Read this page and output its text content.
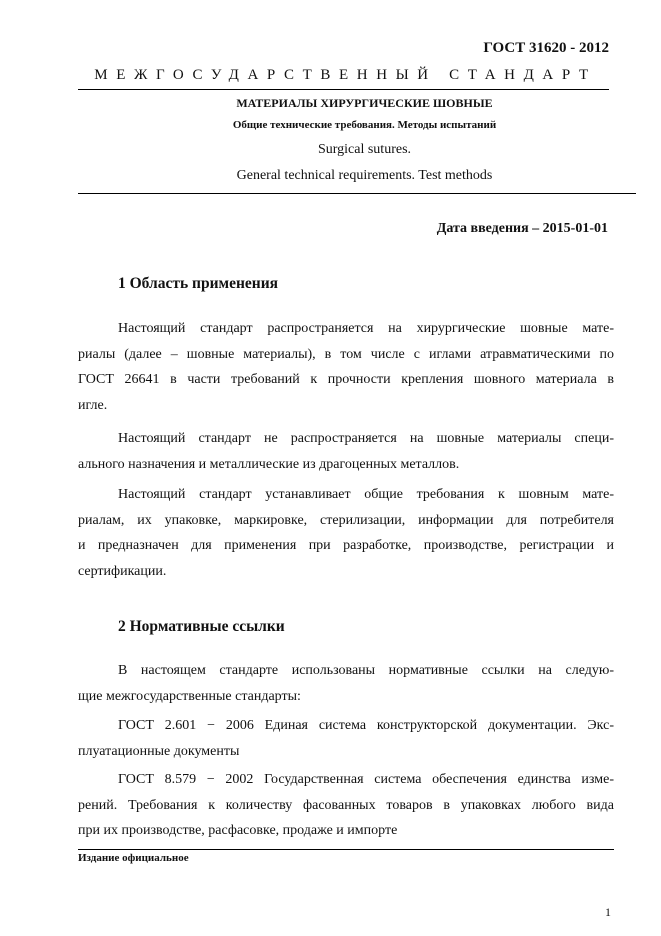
ГОСТ 31620 - 2012
МЕЖГОСУДАРСТВЕННЫЙ СТАНДАРТ
МАТЕРИАЛЫ ХИРУРГИЧЕСКИЕ ШОВНЫЕ
Общие технические требования. Методы испытаний
Surgical sutures.
General technical requirements. Test methods
Дата введения – 2015-01-01
1 Область применения
Настоящий стандарт распространяется на хирургические шовные мате-
риалы (далее – шовные материалы), в том числе с иглами атравматическими по
ГОСТ 26641 в части требований к прочности крепления шовного материала в
игле.
Настоящий стандарт не распространяется на шовные материалы специ-
ального назначения и металлические из драгоценных металлов.
Настоящий стандарт устанавливает общие требования к шовным мате-
риалам, их упаковке, маркировке, стерилизации, информации для потребителя
и предназначен для применения при разработке, производстве, регистрации и
сертификации.
2 Нормативные ссылки
В настоящем стандарте использованы нормативные ссылки на следую-
щие межгосударственные стандарты:
ГОСТ 2.601 − 2006 Единая система конструкторской документации. Экс-
плуатационные документы
ГОСТ 8.579 − 2002 Государственная система обеспечения единства изме-
рений. Требования к количеству фасованных товаров в упаковках любого вида
при их производстве, расфасовке, продаже и импорте
Издание официальное
1
